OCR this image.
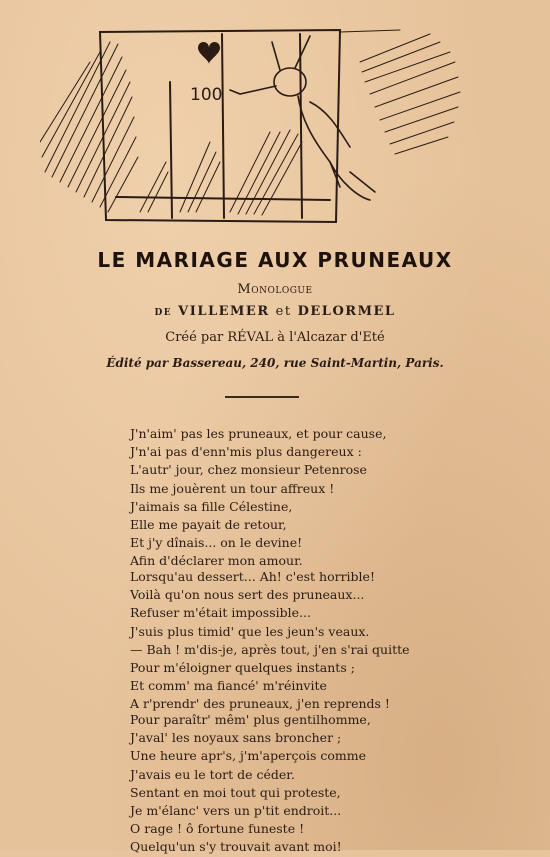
100
LE MARIAGE AUX PRUNEAUX
Monologue
de VILLEMER et DELORMEL
Créé par RÉVAL à l'Alcazar d'Eté
Édité par Bassereau, 240, rue Saint-Martin, Paris.
J'n'aim' pas les pruneaux, et pour cause,
J'n'ai pas d'enn'mis plus dangereux :
L'autr' jour, chez monsieur Petenrose
Ils me jouèrent un tour affreux !
J'aimais sa fille Célestine,
Elle me payait de retour,
Et j'y dînais... on le devine!
Afin d'déclarer mon amour.
Lorsqu'au dessert... Ah! c'est horrible!
Voilà qu'on nous sert des pruneaux...
Refuser m'était impossible...
J'suis plus timid' que les jeun's veaux.
— Bah ! m'dis-je, après tout, j'en s'rai quitte
Pour m'éloigner quelques instants ;
Et comm' ma fiancé' m'réinvite
A r'prendr' des pruneaux, j'en reprends !
Pour paraîtr' mêm' plus gentilhomme,
J'aval' les noyaux sans broncher ;
Une heure apr's, j'm'aperçois comme
J'avais eu le tort de céder.
Sentant en moi tout qui proteste,
Je m'élanc' vers un p'tit endroit...
O rage ! ô fortune funeste !
Quelqu'un s'y trouvait avant moi!
